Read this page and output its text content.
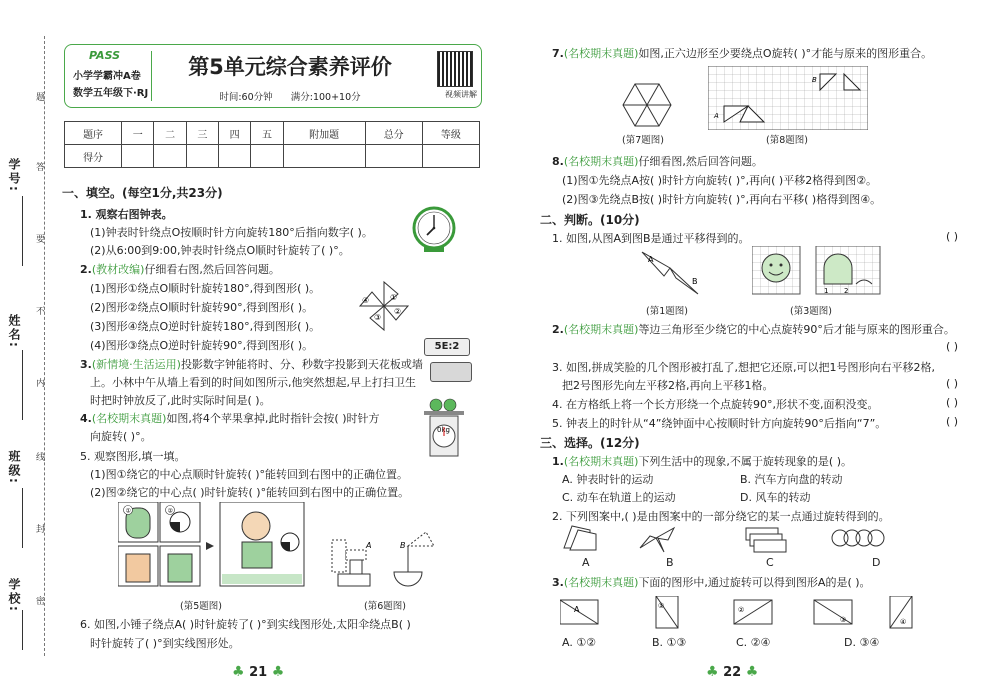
学号:
姓名:
班级:
学校:
题
答
要
不
内
线
封
密
PASS
小学学霸冲A卷
数学五年级下·RJ
第5单元综合素养评价
时间:60分钟 满分:100+10分	视频讲解
题序	一	二	三	四	五	附加题	总分	等级
得分								
一、填空。(每空1分,共23分)
1. 观察右图钟表。
(1)钟表时针绕点O按顺时针方向旋转180°后指向数字( )。
(2)从6:00到9:00,钟表时针绕点O顺时针旋转了( )°。
2.(教材改编)仔细看右图,然后回答问题。
(1)图形①绕点O顺时针旋转180°,得到图形( )。
(2)图形②绕点O顺时针旋转90°,得到图形( )。
(3)图形④绕点O逆时针旋转180°,得到图形( )。
(4)图形③绕点O逆时针旋转90°,得到图形( )。
①
②
③
④
3.(新情境·生活运用)投影数字钟能将时、分、秒数字投影到天花板或墙
上。小林中午从墙上看到的时间如图所示,他突然想起,早上打扫卫生
时把时钟放反了,此时实际时间是( )。
5E:2
4.(名校期末真题)如图,将4个苹果拿掉,此时指针会按( )时针方
向旋转( )°。	0kg
5. 观察图形,填一填。
(1)图①绕它的中心点顺时针旋转( )°能转回到右图中的正确位置。
(2)图②绕它的中心点( )时针旋转( )°能转回到右图中的正确位置。
①	②
A	B
(第5题图)	(第6题图)
6. 如图,小锤子绕点A( )时针旋转了( )°到实线图形处,太阳伞绕点B( )
时针旋转了( )°到实线图形处。
♣ 21 ♣
7.(名校期末真题)如图,正六边形至少要绕点O旋转( )°才能与原来的图形重合。
(第7题图)
A
B
(第8题图)
8.(名校期末真题)仔细看图,然后回答问题。
(1)图①先绕点A按( )时针方向旋转( )°,再向( )平移2格得到图②。
(2)图③先绕点B按( )时针方向旋转( )°,再向右平移( )格得到图④。
二、判断。(10分)
1. 如图,从图A到图B是通过平移得到的。	( )
A
B
(第1题图)
1 2
(第3题图)
2.(名校期末真题)等边三角形至少绕它的中心点旋转90°后才能与原来的图形重合。
( )
3. 如图,拼成笑脸的几个图形被打乱了,想把它还原,可以把1号图形向右平移2格,
把2号图形先向左平移2格,再向上平移1格。	( )
4. 在方格纸上将一个长方形绕一个点旋转90°,形状不变,面积没变。	( )
5. 钟表上的时针从“4”绕钟面中心按顺时针方向旋转90°后指向“7”。	( )
三、选择。(12分)
1.(名校期末真题)下列生活中的现象,不属于旋转现象的是( )。
A. 钟表时针的运动	B. 汽车方向盘的转动
C. 动车在轨道上的运动	D. 风车的转动
2. 下列图案中,( )是由图案中的一部分绕它的某一点通过旋转得到的。
A	B	C	D
3.(名校期末真题)下面的图形中,通过旋转可以得到图形A的是( )。
A	①	②
③	④
A. ①②	B. ①③	C. ②④	D. ③④
♣ 22 ♣
